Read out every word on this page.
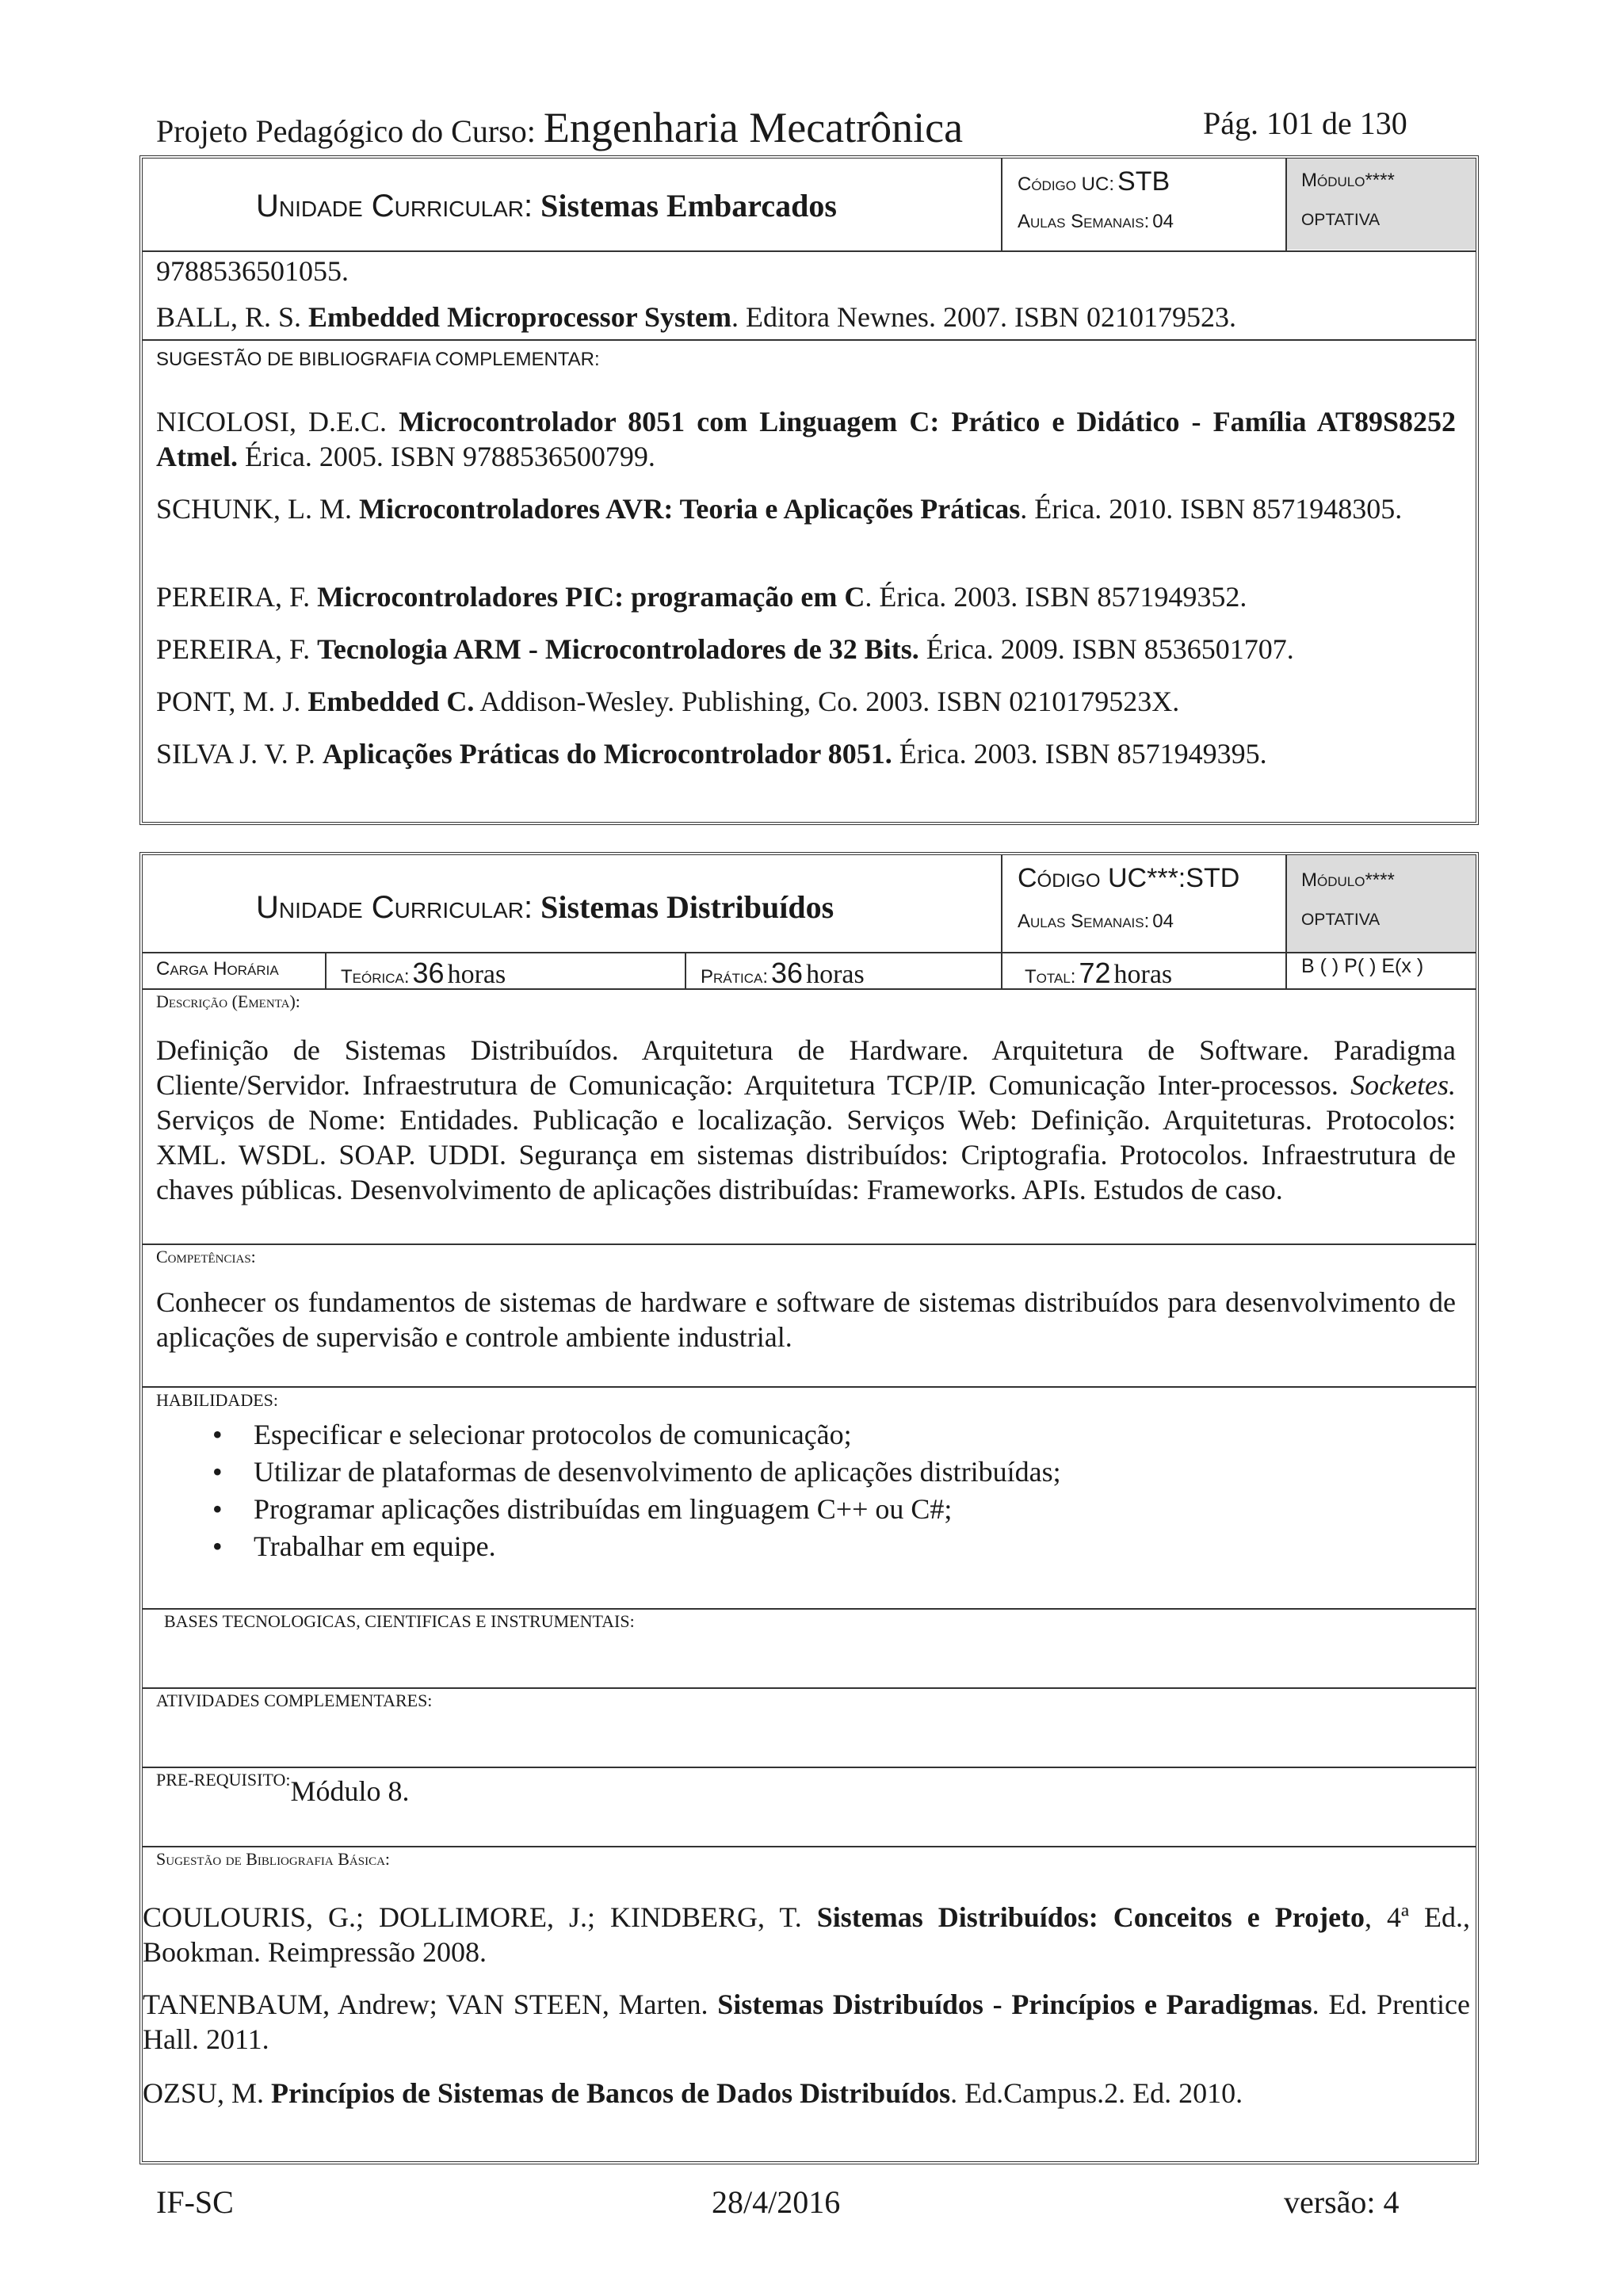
Projeto Pedagógico do Curso: Engenharia Mecatrônica	Pág. 101 de 130
Unidade Curricular: Sistemas Embarcados
Código UC: STB
Aulas Semanais: 04
Módulo****
OPTATIVA
9788536501055.
BALL, R. S. Embedded Microprocessor System. Editora Newnes. 2007. ISBN 0210179523.
SUGESTÃO DE BIBLIOGRAFIA COMPLEMENTAR:
NICOLOSI, D.E.C. Microcontrolador 8051 com Linguagem C: Prático e Didático - Família AT89S8252 Atmel. Érica. 2005. ISBN 9788536500799.
SCHUNK, L. M. Microcontroladores AVR: Teoria e Aplicações Práticas. Érica. 2010. ISBN 8571948305.
PEREIRA, F. Microcontroladores PIC: programação em C. Érica. 2003. ISBN 8571949352.
PEREIRA, F. Tecnologia ARM - Microcontroladores de 32 Bits. Érica. 2009. ISBN 8536501707.
PONT, M. J. Embedded C. Addison-Wesley. Publishing, Co. 2003. ISBN 0210179523X.
SILVA J. V. P. Aplicações Práticas do Microcontrolador 8051. Érica. 2003. ISBN 8571949395.
Unidade Curricular: Sistemas Distribuídos
Código UC***:STD
Aulas Semanais: 04
Módulo****
OPTATIVA
Carga Horária	Teórica: 36 horas	Prática: 36 horas	Total: 72 horas	B ( ) P( ) E(x )
Descrição (Ementa):
Definição de Sistemas Distribuídos. Arquitetura de Hardware. Arquitetura de Software. Paradigma Cliente/Servidor. Infraestrutura de Comunicação: Arquitetura TCP/IP. Comunicação Inter-processos. Socketes. Serviços de Nome: Entidades. Publicação e localização. Serviços Web: Definição. Arquiteturas. Protocolos: XML. WSDL. SOAP. UDDI. Segurança em sistemas distribuídos: Criptografia. Protocolos. Infraestrutura de chaves públicas. Desenvolvimento de aplicações distribuídas: Frameworks. APIs. Estudos de caso.
Competências:
Conhecer os fundamentos de sistemas de hardware e software de sistemas distribuídos para desenvolvimento de aplicações de supervisão e controle ambiente industrial.
HABILIDADES:
• Especificar e selecionar protocolos de comunicação;
• Utilizar de plataformas de desenvolvimento de aplicações distribuídas;
• Programar aplicações distribuídas em linguagem C++ ou C#;
• Trabalhar em equipe.
BASES TECNOLOGICAS, CIENTIFICAS E INSTRUMENTAIS:
ATIVIDADES COMPLEMENTARES:
PRE-REQUISITO:Módulo 8.
Sugestão de Bibliografia Básica:
COULOURIS, G.; DOLLIMORE, J.; KINDBERG, T. Sistemas Distribuídos: Conceitos e Projeto, 4ª Ed., Bookman. Reimpressão 2008.
TANENBAUM, Andrew; VAN STEEN, Marten. Sistemas Distribuídos - Princípios e Paradigmas. Ed. Prentice Hall. 2011.
OZSU, M. Princípios de Sistemas de Bancos de Dados Distribuídos. Ed.Campus.2. Ed. 2010.
IF-SC	28/4/2016	versão: 4
